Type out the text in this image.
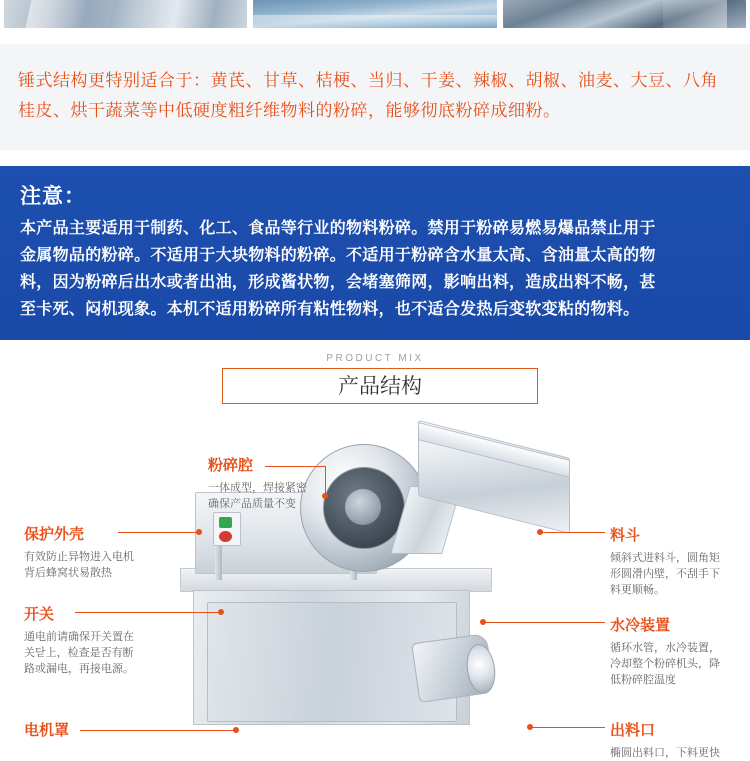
锤式结构更特别适合于：黄芪、甘草、桔梗、当归、干姜、辣椒、胡椒、油麦、大豆、八角
桂皮、烘干蔬菜等中低硬度粗纤维物料的粉碎，能够彻底粉碎成细粉。
注意：
本产品主要适用于制药、化工、食品等行业的物料粉碎。禁用于粉碎易燃易爆品禁止用于
金属物品的粉碎。不适用于大块物料的粉碎。不适用于粉碎含水量太高、含油量太高的物
料，因为粉碎后出水或者出油，形成酱状物，会堵塞筛网，影响出料，造成出料不畅，甚
至卡死、闷机现象。本机不适用粉碎所有粘性物料，也不适合发热后变软变粘的物料。
PRODUCT MIX
产品结构
粉碎腔
一体成型，焊接紧密
确保产品质量不变
保护外壳
有效防止异物进入电机
背后蜂窝状易散热
开关
通电前请确保开关置在
关닫上，检查是否有断
路或漏电，再接电源。
电机罩
料斗
倾斜式进料斗，圆角矩
形圆滑内壁，不刮手下
料更顺畅。
水冷装置
循环水管，水冷装置，
冷却整个粉碎机头，降
低粉碎腔温度
出料口
椭圆出料口，下料更快
